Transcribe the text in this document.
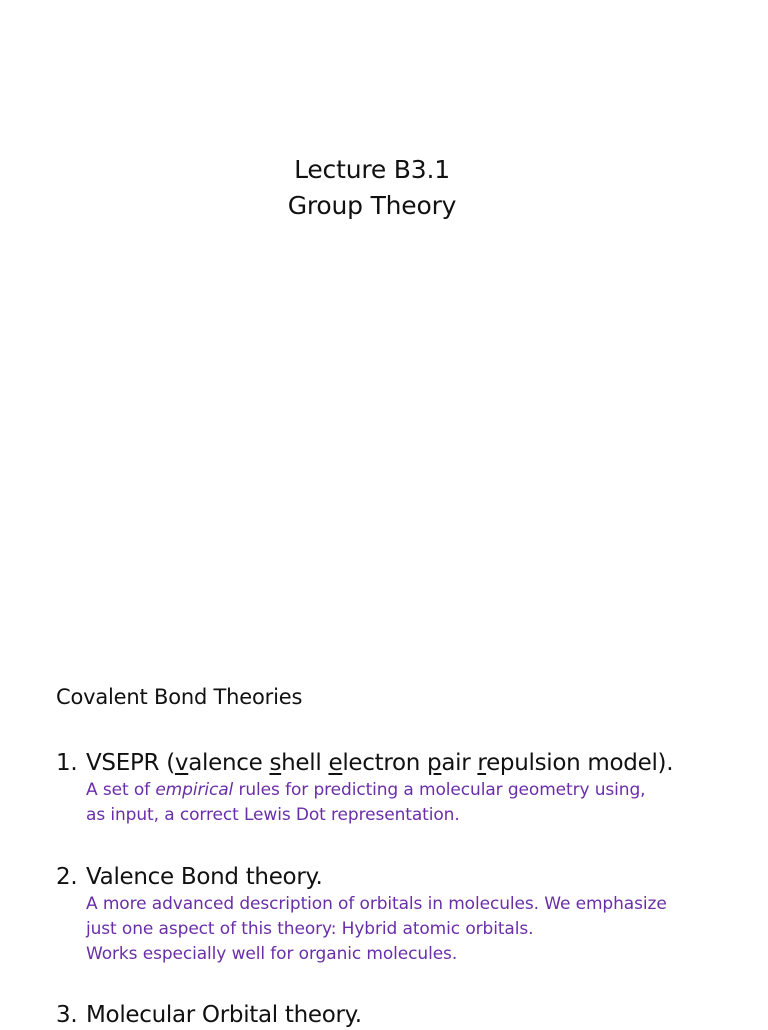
Lecture B3.1
Group Theory
Covalent Bond Theories
1. VSEPR (valence shell electron pair repulsion model).
A set of empirical rules for predicting a molecular geometry using,
as input, a correct Lewis Dot representation.
2. Valence Bond theory.
A more advanced description of orbitals in molecules. We emphasize
just one aspect of this theory: Hybrid atomic orbitals.
Works especially well for organic molecules.
3. Molecular Orbital theory.
